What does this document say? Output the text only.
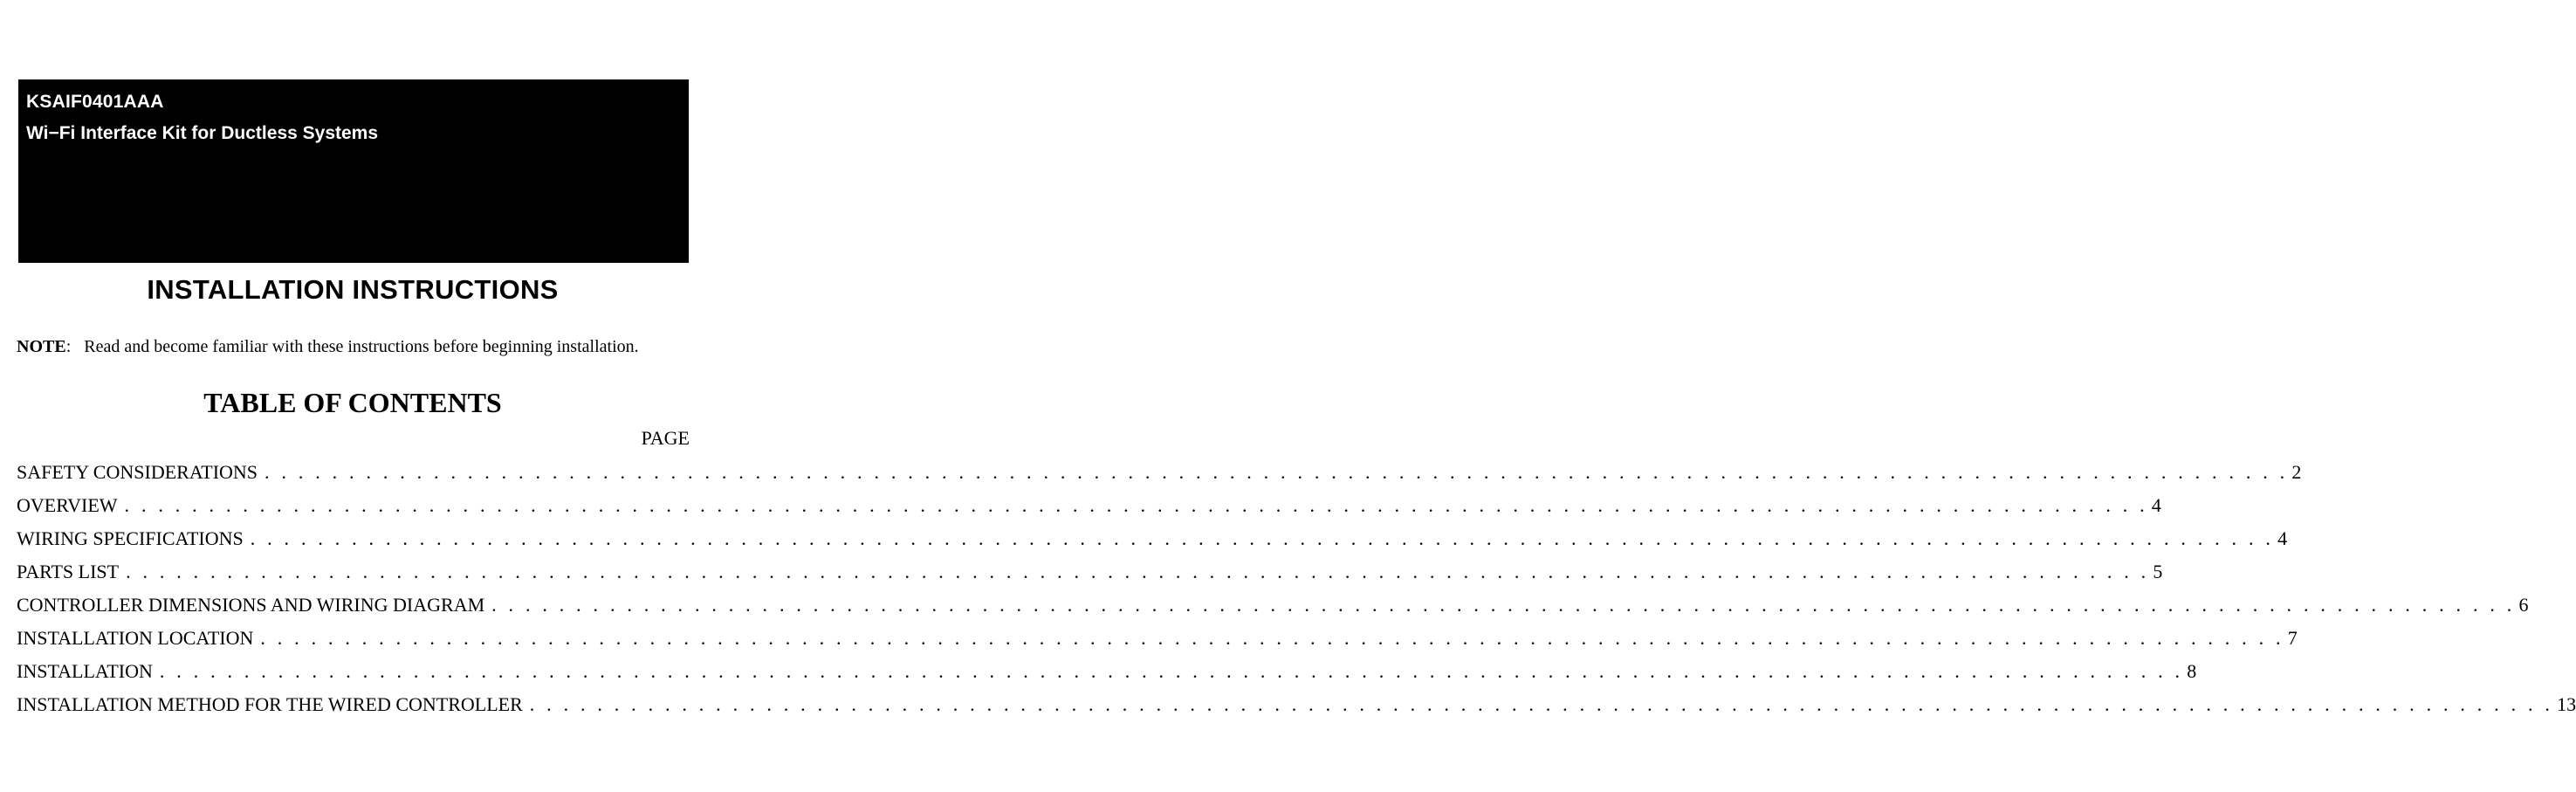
KSAIF0401AAA
Wi−Fi Interface Kit for Ductless Systems
INSTALLATION INSTRUCTIONS
NOTE:   Read and become familiar with these instructions before beginning installation.
TABLE OF CONTENTS
PAGE
SAFETY CONSIDERATIONS . . . . . . . . . . . . . . . . . . . . . . . . . . . . . . . . . . . . . . . . . . . . . . . . . . . . . . . . . . . . . . . . . . . . . . . . . . . . . . . . . . . . . . . . . . . . . . . . . . . . . . . . . . . . . . . . . . . . . . . . 2
OVERVIEW . . . . . . . . . . . . . . . . . . . . . . . . . . . . . . . . . . . . . . . . . . . . . . . . . . . . . . . . . . . . . . . . . . . . . . . . . . . . . . . . . . . . . . . . . . . . . . . . . . . . . . . . . . . . . . . . . . . . . . . . 4
WIRING SPECIFICATIONS . . . . . . . . . . . . . . . . . . . . . . . . . . . . . . . . . . . . . . . . . . . . . . . . . . . . . . . . . . . . . . . . . . . . . . . . . . . . . . . . . . . . . . . . . . . . . . . . . . . . . . . . . . . . . . . . . . . . . . . . 4
PARTS LIST . . . . . . . . . . . . . . . . . . . . . . . . . . . . . . . . . . . . . . . . . . . . . . . . . . . . . . . . . . . . . . . . . . . . . . . . . . . . . . . . . . . . . . . . . . . . . . . . . . . . . . . . . . . . . . . . . . . . . . . . 5
CONTROLLER DIMENSIONS AND WIRING DIAGRAM . . . . . . . . . . . . . . . . . . . . . . . . . . . . . . . . . . . . . . . . . . . . . . . . . . . . . . . . . . . . . . . . . . . . . . . . . . . . . . . . . . . . . . . . . . . . . . . . . . . . . . . . . . . . . . . . . . . . . . . . 6
INSTALLATION LOCATION . . . . . . . . . . . . . . . . . . . . . . . . . . . . . . . . . . . . . . . . . . . . . . . . . . . . . . . . . . . . . . . . . . . . . . . . . . . . . . . . . . . . . . . . . . . . . . . . . . . . . . . . . . . . . . . . . . . . . . . . 7
INSTALLATION . . . . . . . . . . . . . . . . . . . . . . . . . . . . . . . . . . . . . . . . . . . . . . . . . . . . . . . . . . . . . . . . . . . . . . . . . . . . . . . . . . . . . . . . . . . . . . . . . . . . . . . . . . . . . . . . . . . . . . . . 8
INSTALLATION METHOD FOR THE WIRED CONTROLLER . . . . . . . . . . . . . . . . . . . . . . . . . . . . . . . . . . . . . . . . . . . . . . . . . . . . . . . . . . . . . . . . . . . . . . . . . . . . . . . . . . . . . . . . . . . . . . . . . . . . . . . . . . . . . . . . . . . . . . . . 13
